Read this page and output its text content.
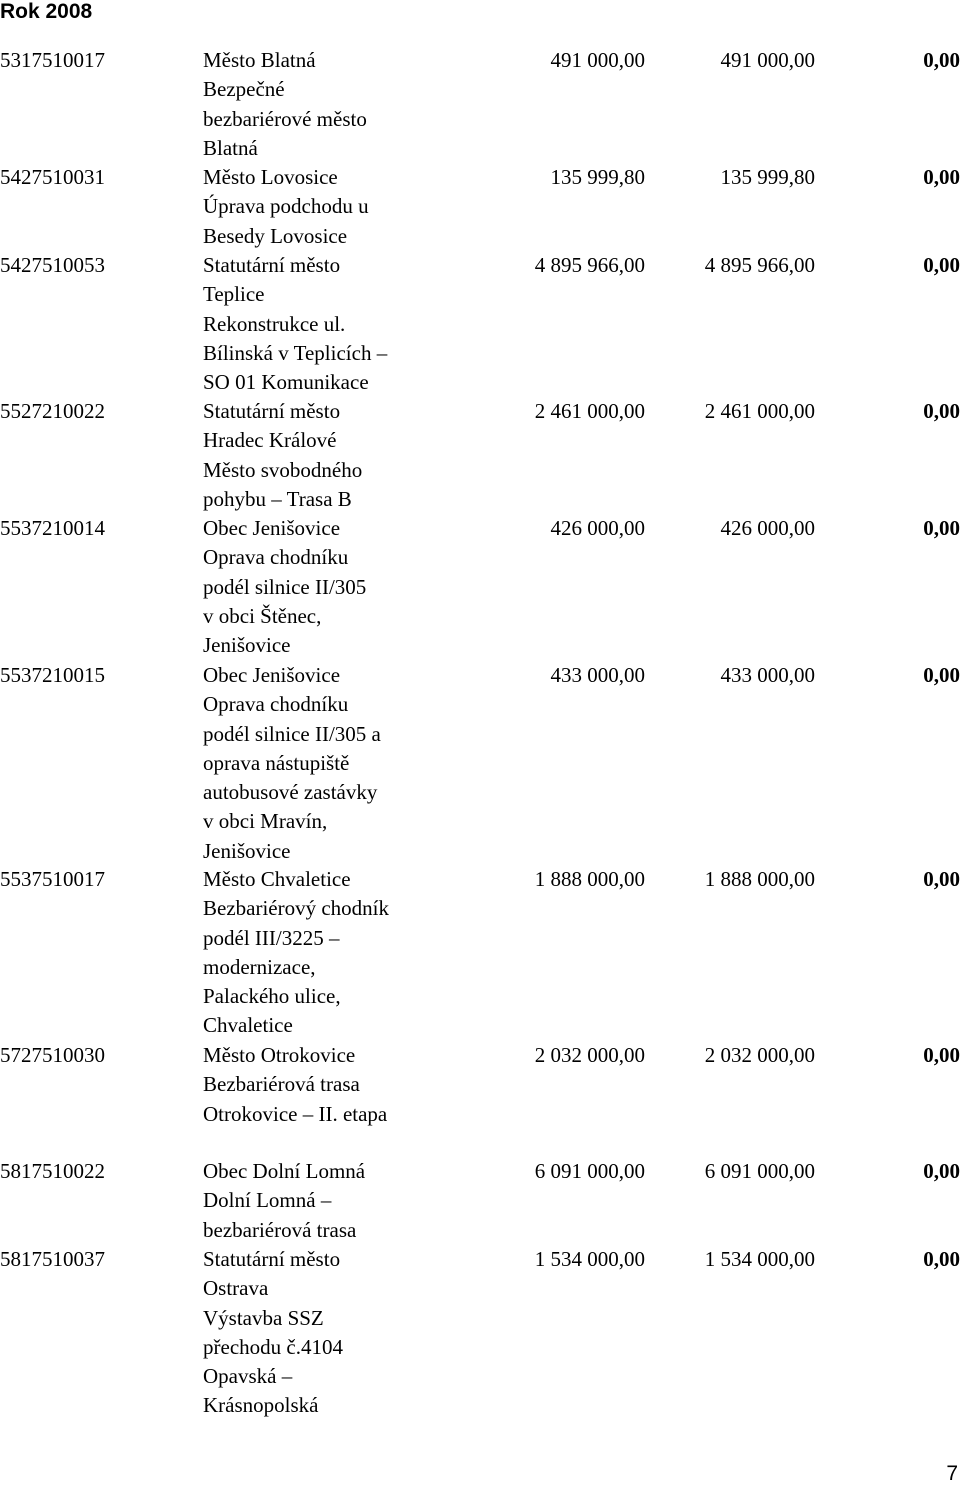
Rok 2008
5317510017	Město Blatná
Bezpečné
bezbariérové město
Blatná
491 000,00	491 000,00	0,00
5427510031	Město Lovosice
Úprava podchodu u
Besedy Lovosice
135 999,80	135 999,80	0,00
5427510053	Statutární město
Teplice
Rekonstrukce ul.
Bílinská v Teplicích –
SO 01 Komunikace
4 895 966,00	4 895 966,00	0,00
5527210022	Statutární město
Hradec Králové
Město svobodného
pohybu – Trasa B
2 461 000,00	2 461 000,00	0,00
5537210014	Obec Jenišovice
Oprava chodníku
podél silnice II/305
v obci Štěnec,
Jenišovice
426 000,00	426 000,00	0,00
5537210015	Obec Jenišovice
Oprava chodníku
podél silnice II/305 a
oprava nástupiště
autobusové zastávky
v obci Mravín,
Jenišovice
433 000,00	433 000,00	0,00
5537510017	Město Chvaletice
Bezbariérový chodník
podél III/3225 –
modernizace,
Palackého ulice,
Chvaletice
1 888 000,00	1 888 000,00	0,00
5727510030	Město Otrokovice
Bezbariérová trasa
Otrokovice – II. etapa
2 032 000,00	2 032 000,00	0,00
5817510022	Obec Dolní Lomná
Dolní Lomná –
bezbariérová trasa
6 091 000,00	6 091 000,00	0,00
5817510037	Statutární město
Ostrava
Výstavba SSZ
přechodu č.4104
Opavská –
Krásnopolská
1 534 000,00	1 534 000,00	0,00
7
